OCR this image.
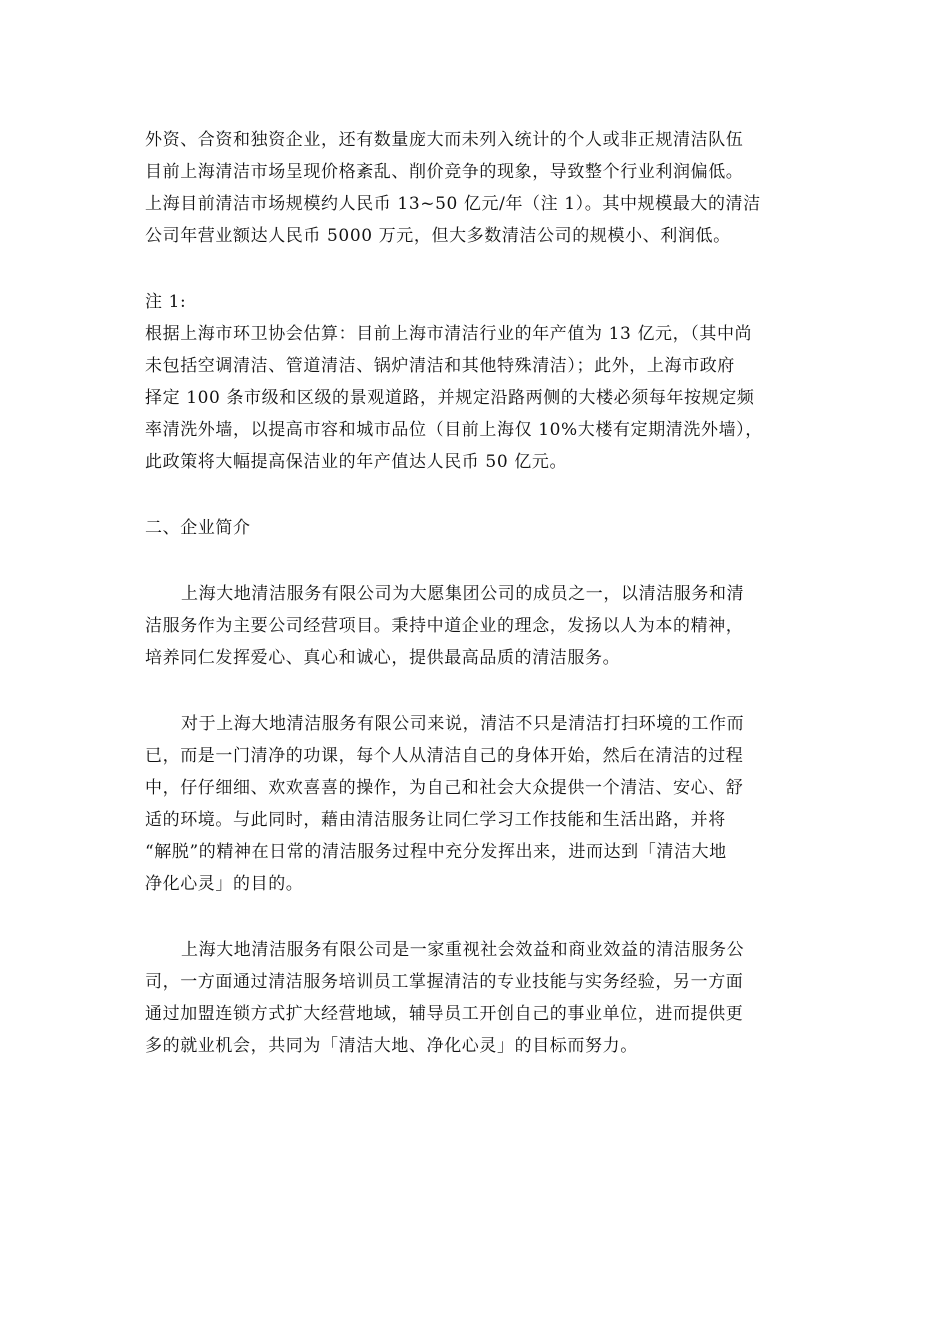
外资、合资和独资企业，还有数量庞大而未列入统计的个人或非正规清洁队伍
目前上海清洁市场呈现价格紊乱、削价竞争的现象，导致整个行业利润偏低。
上海目前清洁市场规模约人民币 13~50 亿元/年（注 1）。其中规模最大的清洁
公司年营业额达人民币 5000 万元，但大多数清洁公司的规模小、利润低。
注 1:
根据上海市环卫协会估算：目前上海市清洁行业的年产值为 13 亿元，（其中尚
未包括空调清洁、管道清洁、锅炉清洁和其他特殊清洁）；此外，上海市政府
择定 100 条市级和区级的景观道路，并规定沿路两侧的大楼必须每年按规定频
率清洗外墙，以提高市容和城市品位（目前上海仅 10%大楼有定期清洗外墙），
此政策将大幅提高保洁业的年产值达人民币 50 亿元。
二、企业简介
上海大地清洁服务有限公司为大愿集团公司的成员之一，以清洁服务和清
洁服务作为主要公司经营项目。秉持中道企业的理念，发扬以人为本的精神，
培养同仁发挥爱心、真心和诚心，提供最高品质的清洁服务。
对于上海大地清洁服务有限公司来说，清洁不只是清洁打扫环境的工作而
已，而是一门清净的功课，每个人从清洁自己的身体开始，然后在清洁的过程
中，仔仔细细、欢欢喜喜的操作，为自己和社会大众提供一个清洁、安心、舒
适的环境。与此同时，藉由清洁服务让同仁学习工作技能和生活出路，并将
“解脱”的精神在日常的清洁服务过程中充分发挥出来，进而达到「清洁大地
净化心灵」的目的。
上海大地清洁服务有限公司是一家重视社会效益和商业效益的清洁服务公
司，一方面通过清洁服务培训员工掌握清洁的专业技能与实务经验，另一方面
通过加盟连锁方式扩大经营地域，辅导员工开创自己的事业单位，进而提供更
多的就业机会，共同为「清洁大地、净化心灵」的目标而努力。
